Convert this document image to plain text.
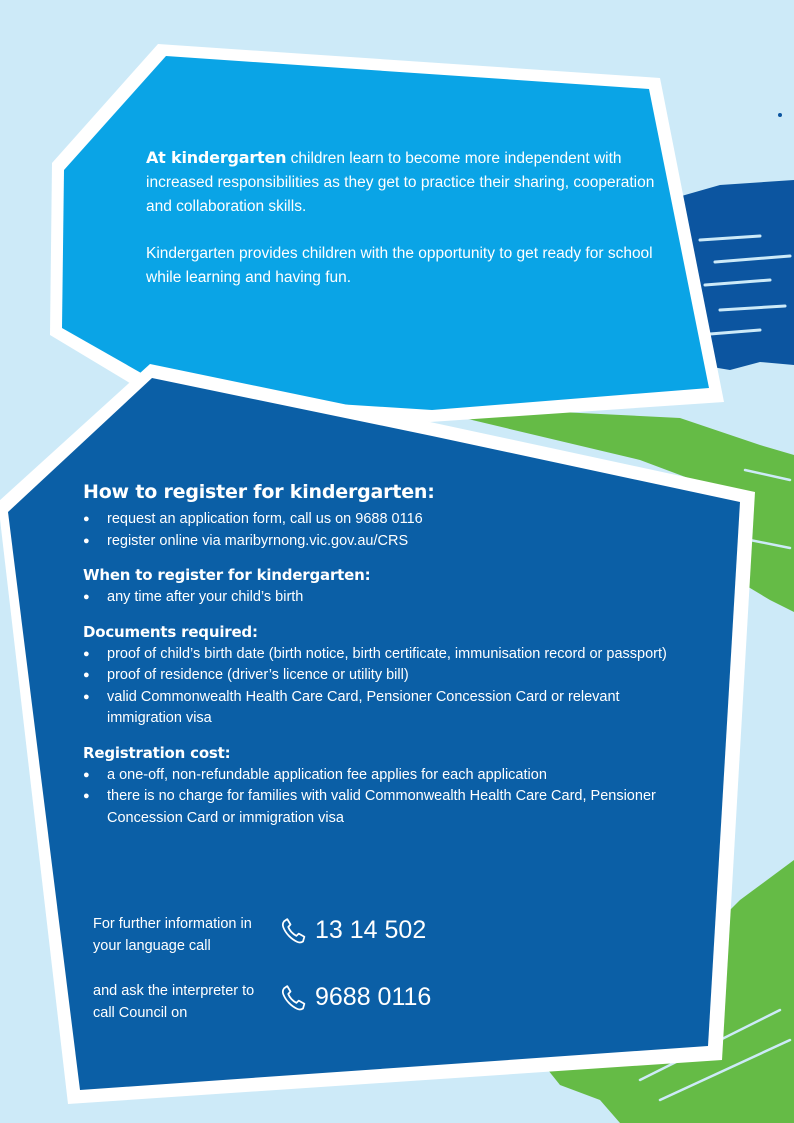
At kindergarten children learn to become more independent with increased responsibilities as they get to practice their sharing, cooperation and collaboration skills.

Kindergarten provides children with the opportunity to get ready for school while learning and having fun.

How to register for kindergarten:
● request an application form, call us on 9688 0116
● register online via maribyrnong.vic.gov.au/CRS
When to register for kindergarten:
● any time after your child’s birth
Documents required:
● proof of child’s birth date (birth notice, birth certificate, immunisation record or passport)
● proof of residence (driver’s licence or utility bill)
● valid Commonwealth Health Care Card, Pensioner Concession Card or relevant immigration visa
Registration cost:
● a one-off, non-refundable application fee applies for each application
● there is no charge for families with valid Commonwealth Health Care Card, Pensioner Concession Card or immigration visa
For further information in your language call
13 14 502
and ask the interpreter to call Council on
9688 0116
